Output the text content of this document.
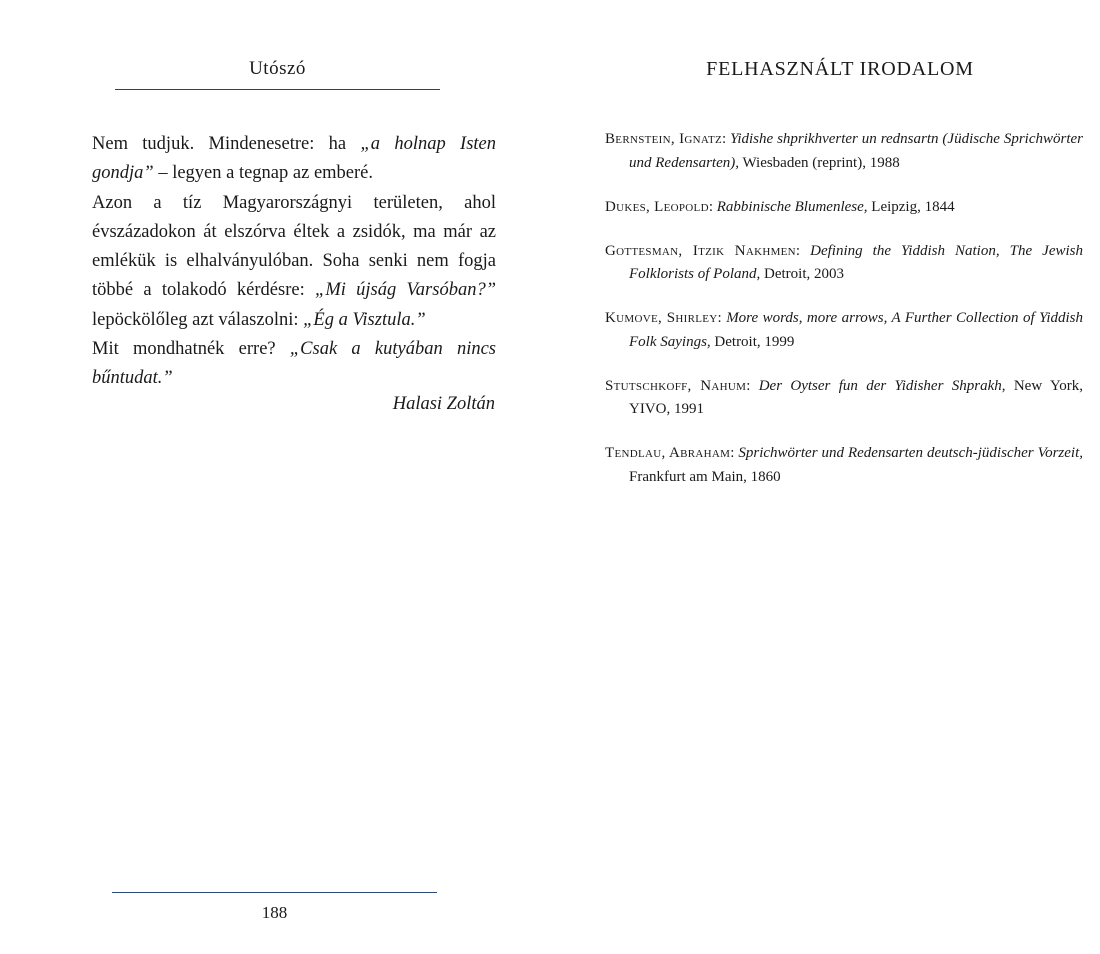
Utószó

Nem tudjuk. Mindenesetre: ha „a holnap Isten gondja” – legyen a tegnap az emberé.

Azon a tíz Magyarországnyi területen, ahol évszázadokon át elszórva éltek a zsidók, ma már az emlékük is elhalványulóban. Soha senki nem fogja többé a tolakodó kérdésre: „Mi újság Varsóban?” lepöckölőleg azt válaszolni: „Ég a Visztula.”

Mit mondhatnék erre? „Csak a kutyában nincs bűntudat.”

Halasi Zoltán
188
FELHASZNÁLT IRODALOM
Bernstein, Ignatz: Yidishe shprikhverter un rednsartn (Jüdische Sprichwörter und Redensarten), Wiesbaden (reprint), 1988
Dukes, Leopold: Rabbinische Blumenlese, Leipzig, 1844
Gottesman, Itzik Nakhmen: Defining the Yiddish Nation, The Jewish Folklorists of Poland, Detroit, 2003
Kumove, Shirley: More words, more arrows, A Further Collection of Yiddish Folk Sayings, Detroit, 1999
Stutschkoff, Nahum: Der Oytser fun der Yidisher Shprakh, New York, YIVO, 1991
Tendlau, Abraham: Sprichwörter und Redensarten deutsch-jüdischer Vorzeit, Frankfurt am Main, 1860
